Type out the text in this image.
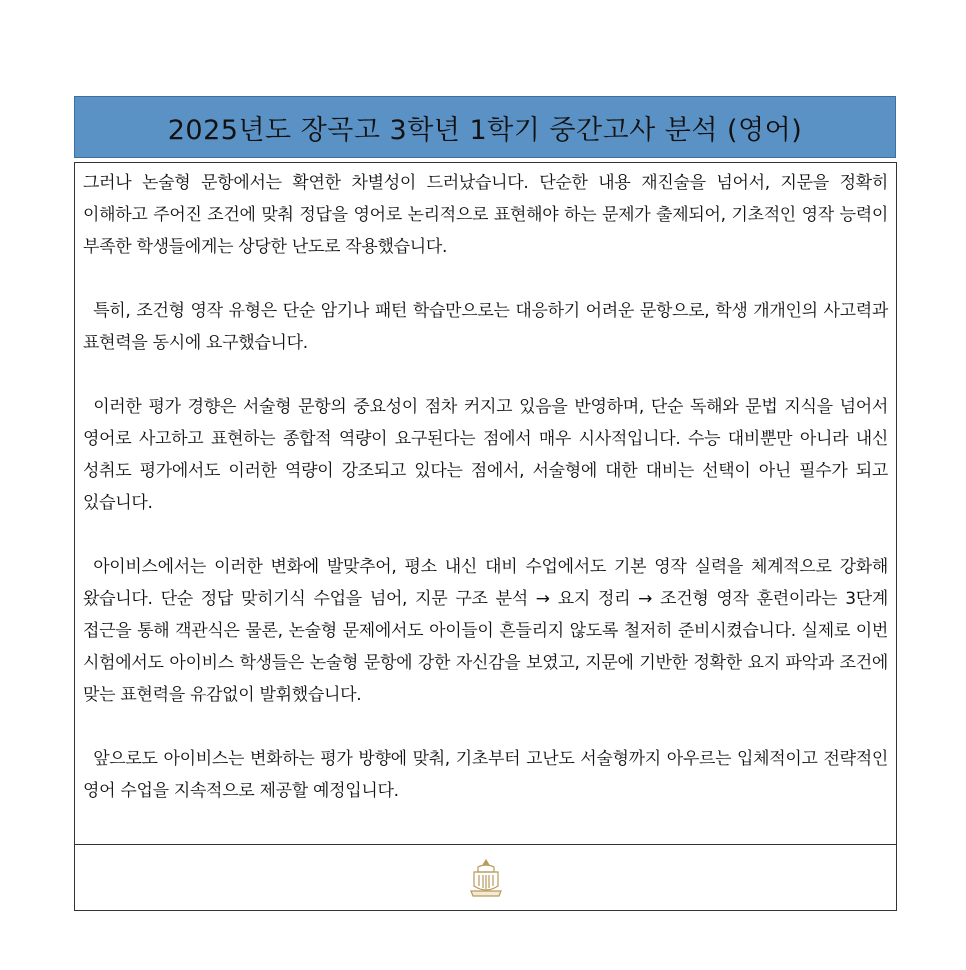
2025년도 장곡고 3학년 1학기 중간고사 분석 (영어)

그러나 논술형 문항에서는 확연한 차별성이 드러났습니다. 단순한 내용 재진술을 넘어서, 지문을 정확히 이해하고 주어진 조건에 맞춰 정답을 영어로 논리적으로 표현해야 하는 문제가 출제되어, 기초적인 영작 능력이 부족한 학생들에게는 상당한 난도로 작용했습니다.

특히, 조건형 영작 유형은 단순 암기나 패턴 학습만으로는 대응하기 어려운 문항으로, 학생 개개인의 사고력과 표현력을 동시에 요구했습니다.

이러한 평가 경향은 서술형 문항의 중요성이 점차 커지고 있음을 반영하며, 단순 독해와 문법 지식을 넘어서 영어로 사고하고 표현하는 종합적 역량이 요구된다는 점에서 매우 시사적입니다. 수능 대비뿐만 아니라 내신 성취도 평가에서도 이러한 역량이 강조되고 있다는 점에서, 서술형에 대한 대비는 선택이 아닌 필수가 되고 있습니다.

아이비스에서는 이러한 변화에 발맞추어, 평소 내신 대비 수업에서도 기본 영작 실력을 체계적으로 강화해 왔습니다. 단순 정답 맞히기식 수업을 넘어, 지문 구조 분석 → 요지 정리 → 조건형 영작 훈련이라는 3단계 접근을 통해 객관식은 물론, 논술형 문제에서도 아이들이 흔들리지 않도록 철저히 준비시켰습니다. 실제로 이번 시험에서도 아이비스 학생들은 논술형 문항에 강한 자신감을 보였고, 지문에 기반한 정확한 요지 파악과 조건에 맞는 표현력을 유감없이 발휘했습니다.

앞으로도 아이비스는 변화하는 평가 방향에 맞춰, 기초부터 고난도 서술형까지 아우르는 입체적이고 전략적인 영어 수업을 지속적으로 제공할 예정입니다.
